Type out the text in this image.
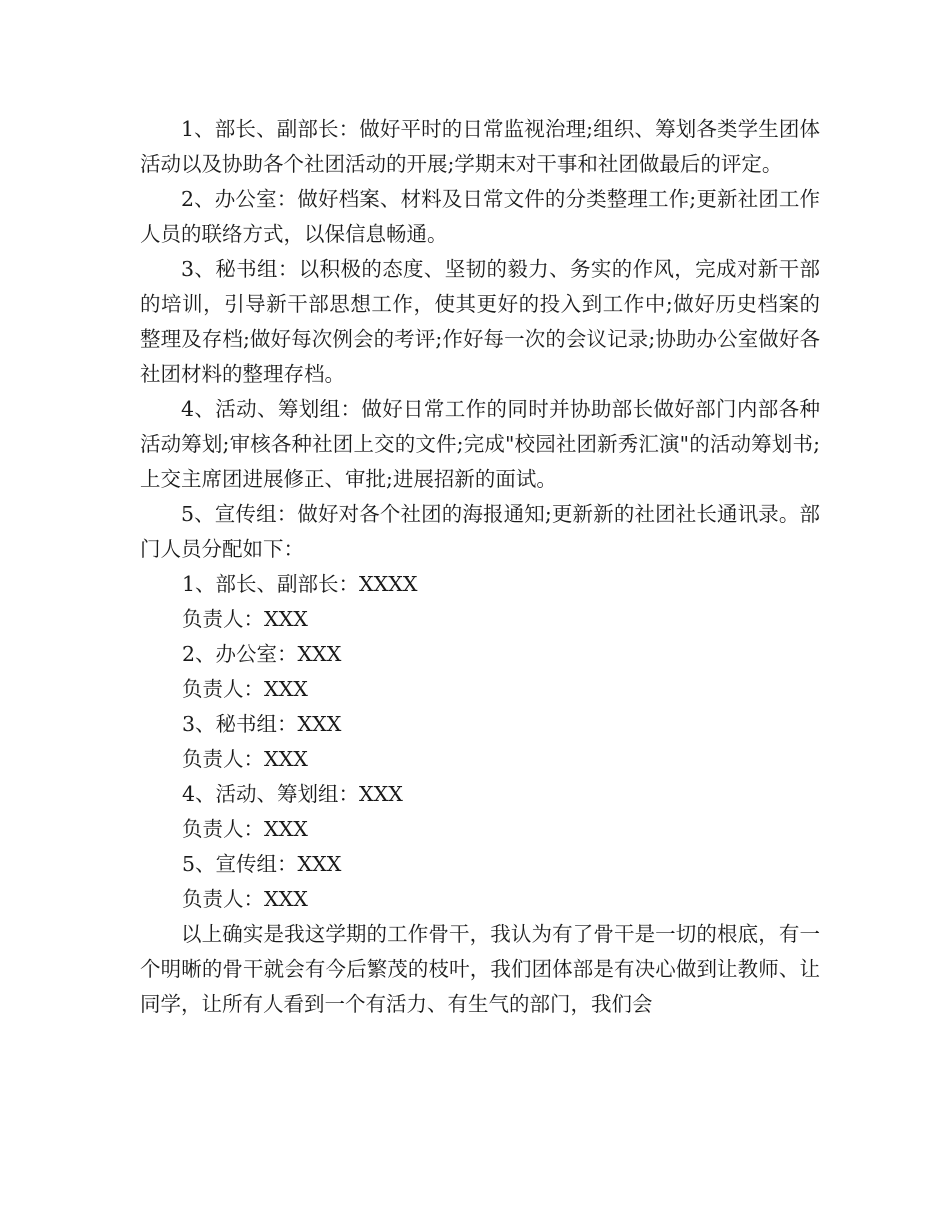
1、部长、副部长：做好平时的日常监视治理;组织、筹划各类学生团体活动以及协助各个社团活动的开展;学期末对干事和社团做最后的评定。

2、办公室：做好档案、材料及日常文件的分类整理工作;更新社团工作人员的联络方式，以保信息畅通。

3、秘书组：以积极的态度、坚韧的毅力、务实的作风，完成对新干部的培训，引导新干部思想工作，使其更好的投入到工作中;做好历史档案的整理及存档;做好每次例会的考评;作好每一次的会议记录;协助办公室做好各社团材料的整理存档。

4、活动、筹划组：做好日常工作的同时并协助部长做好部门内部各种活动筹划;审核各种社团上交的文件;完成"校园社团新秀汇演"的活动筹划书;上交主席团进展修正、审批;进展招新的面试。

5、宣传组：做好对各个社团的海报通知;更新新的社团社长通讯录。部门人员分配如下：

1、部长、副部长：XXXX

负责人：XXX

2、办公室：XXX

负责人：XXX

3、秘书组：XXX

负责人：XXX

4、活动、筹划组：XXX

负责人：XXX

5、宣传组：XXX

负责人：XXX

以上确实是我这学期的工作骨干，我认为有了骨干是一切的根底，有一个明晰的骨干就会有今后繁茂的枝叶，我们团体部是有决心做到让教师、让同学，让所有人看到一个有活力、有生气的部门，我们会
